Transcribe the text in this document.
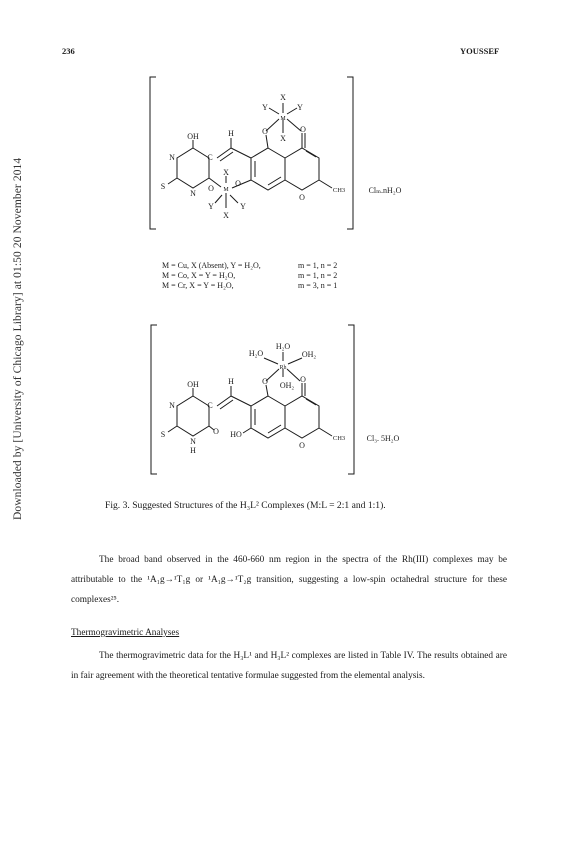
Downloaded by [University of Chicago Library] at 01:50 20 November 2014
236	YOUSSEF
X
Y	Y
M
X
O	O
OH	H
N	C
S
N
O
X
M
O
Y	Y
X
O
CH3	Clₘ.nH₂O
M = Cu, X (Absent), Y = H₂O,	m = 1, n = 2
M = Co, X = Y = H₂O,	m = 1, n = 2
M = Cr, X = Y = H₂O,	m = 3, n = 1
H₂O
H₂O	OH₂
Rh
OH₂
O	O
OH	H
N	C
S
N
H
O HO
O
CH3	Cl₃. 5H₂O
Fig. 3. Suggested Structures of the H₃L² Complexes (M:L = 2:1 and 1:1).
The broad band observed in the 460-660 nm region in the spectra of the Rh(III) complexes may be attributable to the ¹A₁g→¹T₁g or ¹A₁g→¹T₂g transition, suggesting a low-spin octahedral structure for these complexes²⁵.
Thermogravimetric Analyses
The thermogravimetric data for the H₃L¹ and H₃L² complexes are listed in Table IV. The results obtained are in fair agreement with the theoretical tentative formulae suggested from the elemental analysis.
